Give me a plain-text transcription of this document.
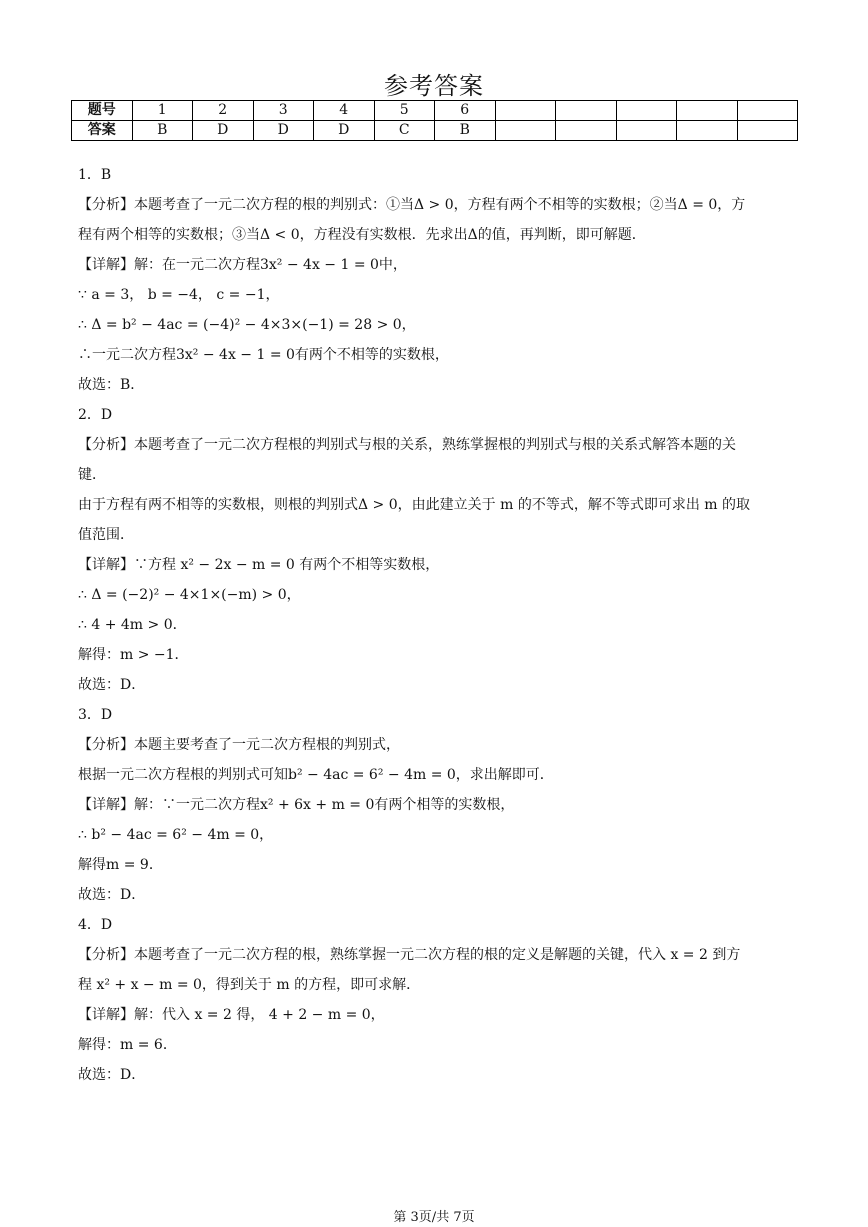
参考答案
题号	1	2	3	4	5	6					
答案	B	D	D	D	C	B					
1．B
【分析】本题考查了一元二次方程的根的判别式：①当Δ > 0，方程有两个不相等的实数根；②当Δ = 0，方
程有两个相等的实数根；③当Δ < 0，方程没有实数根．先求出Δ的值，再判断，即可解题．
【详解】解：在一元二次方程3x² − 4x − 1 = 0中，
∵ a = 3， b = −4， c = −1，
∴ Δ = b² − 4ac = (−4)² − 4×3×(−1) = 28 > 0，
∴一元二次方程3x² − 4x − 1 = 0有两个不相等的实数根，
故选：B．
2．D
【分析】本题考查了一元二次方程根的判别式与根的关系，熟练掌握根的判别式与根的关系式解答本题的关
键．
由于方程有两不相等的实数根，则根的判别式Δ > 0，由此建立关于 m 的不等式，解不等式即可求出 m 的取
值范围．
【详解】∵方程 x² − 2x − m = 0 有两个不相等实数根，
∴ Δ = (−2)² − 4×1×(−m) > 0，
∴ 4 + 4m > 0．
解得：m > −1．
故选：D．
3．D
【分析】本题主要考查了一元二次方程根的判别式，
根据一元二次方程根的判别式可知b² − 4ac = 6² − 4m = 0，求出解即可．
【详解】解：∵一元二次方程x² + 6x + m = 0有两个相等的实数根，
∴ b² − 4ac = 6² − 4m = 0，
解得m = 9．
故选：D．
4．D
【分析】本题考查了一元二次方程的根，熟练掌握一元二次方程的根的定义是解题的关键，代入 x = 2 到方
程 x² + x − m = 0，得到关于 m 的方程，即可求解．
【详解】解：代入 x = 2 得， 4 + 2 − m = 0，
解得：m = 6．
故选：D．
第 3页/共 7页
